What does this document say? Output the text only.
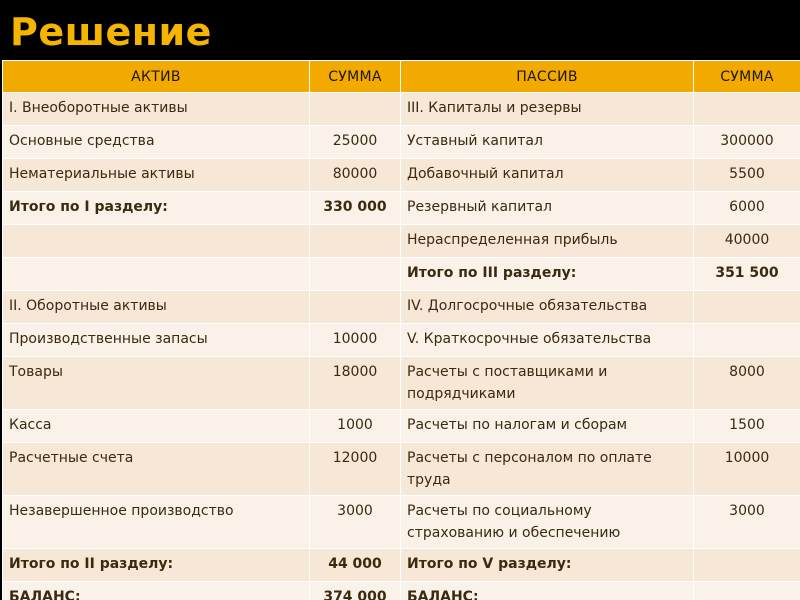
Решение
АКТИВ	СУММА	ПАССИВ	СУММА
I. Внеоборотные активы		III. Капиталы и резервы	
Основные средства	25000	Уставный капитал	300000
Нематериальные активы	80000	Добавочный капитал	5500
Итого по I разделу:	330 000	Резервный капитал	6000
		Нераспределенная прибыль	40000
		Итого по III разделу:	351 500
II. Оборотные активы		IV. Долгосрочные обязательства	
Производственные запасы	10000	V. Краткосрочные обязательства	
Товары	18000	Расчеты с поставщиками и подрядчиками	8000
Касса	1000	Расчеты по налогам и сборам	1500
Расчетные счета	12000	Расчеты с персоналом по оплате труда	10000
Незавершенное производство	3000	Расчеты по социальному страхованию и обеспечению	3000
Итого по II разделу:	44 000	Итого по V разделу:	
БАЛАНС:	374 000	БАЛАНС:	
